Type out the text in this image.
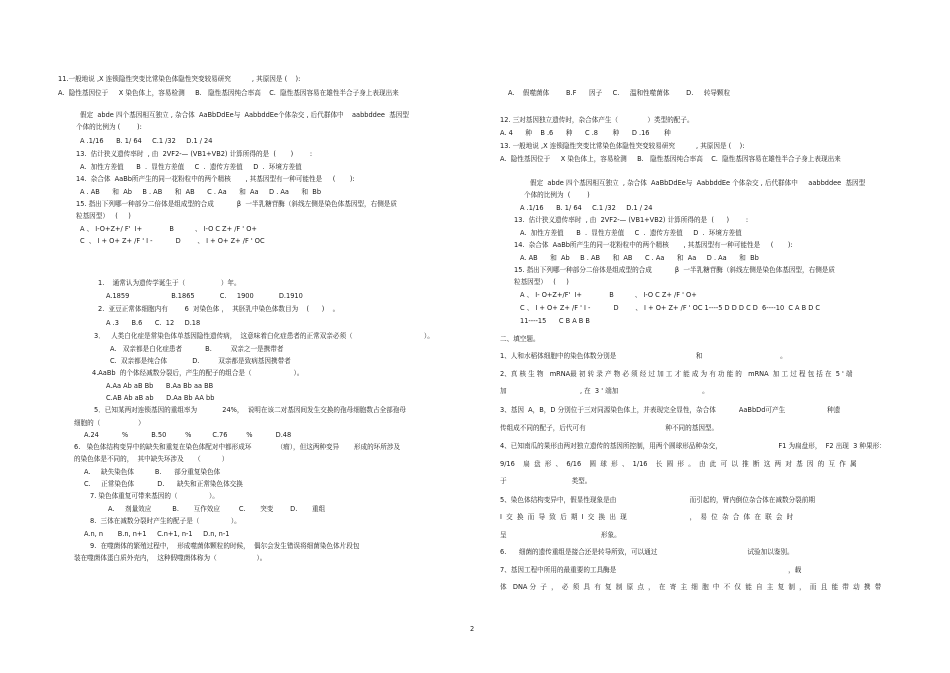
11.一般地说 ,X 连锁隐性突变比常染色体隐性突变较易研究          , 其原因是 (    ):
A.  隐性基因位于     X 染色体上，容易检测     B.   隐性基因纯合率高    C.  隐性基因容易在雄性半合子身上表现出来
假定  abde 四个基因相互独立 , 杂合体  AaBbDdEe与  AabbddEe个体杂交 , 后代群体中    aabbddee  基因型
个体的比例为 (        ):
A .1/16      B. 1/ 64     C.1 /32     D.1 / 24
13.  估计狭义遗传率时  , 由  2VF2-— (VB1+VB2) 计算所得的是  (       )        :
A.  加性方差值      B  .  显性方差值     C  .  遗传方差值     D  .  环境方差值
14.  杂合体  AaBb所产生的同一花粉粒中的两个精核       , 其基因型有一种可能性是     (       ):
A . AB      和  Ab     B . AB      和  AB      C . Aa      和  Aa     D . Aa      和  Bb
15. 指出下列哪一种部分二倍体是组成型的合成           β  一半乳糖苷酶（斜线左侧是染色体基因型，右侧是质
粒基因型）   (     )
A 、 I-O+Z+/ F'  I+             B          、 I-O C Z+ /F ' O+
C  、 I + O+ Z+ /F ' I -           D        、 I + O+ Z+ /F ' OC
1.    通常认为遗传学诞生于（                 ）年。
A.1859                    B.1865            C.     1900            D.1910
2.  亚豆正常体细胞内有        6  对染色体 ，  其胚乳中染色体数目为    (      )    。
A .3      B.6      C.  12     D.18
3．   人类白化症是常染色体单基因隐性遗传病，  这意味着白化症患者的正常双亲必须（                                  ）。
A.   双亲都是白化症患者           B.         双亲之一是携带者
C.  双亲都是纯合体            D.         双亲都是致病基因携带者
4.AaBb  的个体经减数分裂后，产生的配子的组合是（                    ）。
A.Aa Ab aB Bb      B.Aa Bb aa BB
C.AB Ab aB ab      D.Aa Bb AA bb
5．已知某两对连锁基因的重组率为            24%，  说明在该二对基因间发生交换的孢母细胞数占全部孢母
细胞的（                  ）
A.24           %           B.50         %          C.76         %           D.48
6.   染色体结构变异中的缺失和重复在染色体配对中都形成环            （瘤），但这两种变异       形成的环所涉及
的染色体是不同的，  其中缺失环涉及     （          ）
A.     缺失染色体          B.      部分重复染色体
C.     正常染色体           D.      缺失和正常染色体交换
7. 染色体重复可带来基因的（               ）。
A.     剂量效应          B.       互作效应         C.       突变        D.       重组
8.  三体在减数分裂时产生的配子是（               ）。
A.n, n       B.n, n+1     C.n+1, n-1     D.n, n-1
9.  在噬菌体的繁殖过程中，  形成噬菌体颗粒的时候，  偶尔会发生错误将细菌染色体片段包
装在噬菌体蛋白质外壳内，  这种假噬菌体称为（                   ）。
A.    假噬菌体        B.F      因子     C.     温和性噬菌体        D.     转导颗粒
12. 三对基因独立遗传时，杂合体产生（              ）类型的配子。
A. 4      种    B .6      种      C .8       种      D .16       种
13. 一般地说 ,X 连锁隐性突变比常染色体隐性突变较易研究          , 其原因是 (    ):
A.  隐性基因位于     X 染色体上，容易检测     B.   隐性基因纯合率高    C.  隐性基因容易在雄性半合子身上表现出来
假定  abde 四个基因相互独立  , 杂合体  AaBbDdEe与  AabbddEe 个体杂交 , 后代群体中     aabbddee  基因型
个体的比例为  (        )
A .1/16      B. 1/ 64     C.1 /32     D.1 / 24
13.  估计狭义遗传率时  , 由  2VF2-— (VB1+VB2) 计算所得的是  (      )        :
A.  加性方差值      B  .  显性方差值     C  .  遗传方差值     D  .  环境方差值
14.  杂合体  AaBb所产生的同一花粉粒中的两个精核       , 其基因型有一种可能性是     (       ):
A. AB      和  Ab     B . AB      和  AB      C . Aa      和  Aa     D . Aa      和  Bb
15. 指出下列哪一种部分二倍体是组成型的合成           β  一半乳糖苷酶（斜线左侧是染色体基因型，右侧是质
粒基因型）   (     )
A 、 I- O+Z+/F'  I+             B          、 I-O C Z+ /F ' O+
C 、 I + O+ Z+ /F ' I -           D        、 I + O+ Z+ /F ' OC 1----5 D D D C D  6----10  C A B D C
11----15      C B A B B
二、填空题。
1、人和水稻体细胞中的染色体数分别是                                      和                                     。
2、真 核 生 物   mRNA最 初 转 录 产 物 必 须 经 过 加 工 才 能 成 为 有 功 能 的   mRNA  加 工 过 程 包 括 在  5 ' 端
加                                   , 在  3 ' 端加                                        。
3、基因  A，B，D 分别位于三对同源染色体上，并表现完全显性，杂合体           AaBbDd可产生                    种遗
传组成不同的配子，后代可有                                      种不同的基因型。
4、已知南瓜的果形由两对独立遗传的基因所控制，用两个圆球形品种杂交，                           F1 为扁盘形，  F2 出现  3 种果形：
9/16    扁  盘  形  、  6/16    圆  球  形  、  1/16    长  圆  形  。  由  此  可  以  推  断  这  两  对  基  因  的  互  作  属
于                               类型。
5、染色体结构变异中，假显性现象是由                                   而引起的，臂内倒位杂合体在减数分裂前期
Ⅰ  交  换  而  导  致  后  期  Ⅰ  交  换  出  现                              ，  易  位  杂  合  体  在  联  会  时
呈                                             形象。
6.      细菌的遗传重组是接合还是转导所致，可以通过                                           试验加以鉴别。
7、基因工程中所用的最重要的工具酶是                                                                                  ，载
体   DNA 分  子  ，  必  须  具  有  复  制  原  点  ，  在  寄  主  细  胞  中  不  仅  能  自  主  复  制  ，  而  且  能  带  动  携  带
2
